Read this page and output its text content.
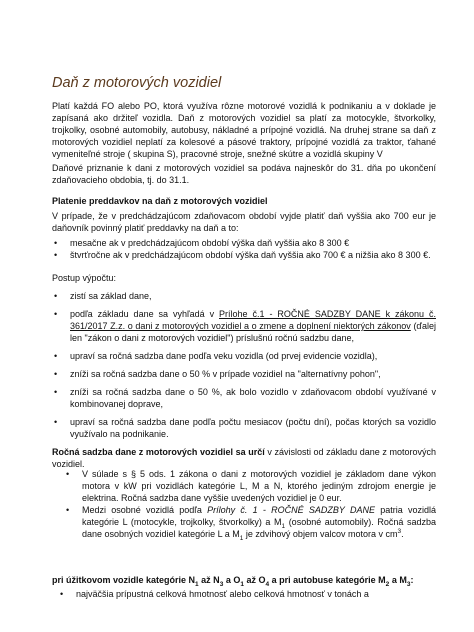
Daň z motorových vozidiel

Platí každá FO alebo PO, ktorá využíva rôzne motorové vozidlá k podnikaniu a v doklade je zapísaná ako držiteľ vozidla. Daň z motorových vozidiel sa platí za motocykle, štvorkolky, trojkolky, osobné automobily, autobusy, nákladné a prípojné vozidlá. Na druhej strane sa daň z motorových vozidiel neplatí za kolesové a pásové traktory, prípojné vozidlá za traktor, ťahané vymeniteľné stroje ( skupina S), pracovné stroje, snežné skútre a vozidlá skupiny V

Daňové priznanie k dani z motorových vozidiel sa podáva najneskôr do 31. dňa po ukončení zdaňovacieho obdobia, tj. do 31.1.

Platenie preddavkov na daň z motorových vozidiel

V prípade, že v predchádzajúcom zdaňovacom období vyjde platiť daň vyššia ako 700 eur je daňovník povinný platiť preddavky na daň a to:

• mesačne ak v predchádzajúcom období výška daň vyššia ako 8 300 €
• štvrťročne ak v predchádzajúcom období výška daň vyššia ako 700 € a nižšia ako 8 300 €.

Postup výpočtu:

• zistí sa základ dane,
• podľa základu dane sa vyhľadá v Prílohe č.1 - ROČNÉ SADZBY DANE k zákonu č. 361/2017 Z.z. o dani z motorových vozidiel a o zmene a doplnení niektorých zákonov (ďalej len "zákon o dani z motorových vozidiel") príslušnú ročnú sadzbu dane,
• upraví sa ročná sadzba dane podľa veku vozidla (od prvej evidencie vozidla),
• zníži sa ročná sadzba dane o 50 % v prípade vozidiel na "alternatívny pohon",
• zníži sa ročná sadzba dane o 50 %, ak bolo vozidlo v zdaňovacom období využívané v kombinovanej doprave,
• upraví sa ročná sadzba dane podľa počtu mesiacov (počtu dní), počas ktorých sa vozidlo využívalo na podnikanie.

Ročná sadzba dane z motorových vozidiel sa určí v závislosti od základu dane z motorových vozidiel.

• V súlade s § 5 ods. 1 zákona o dani z motorových vozidiel je základom dane výkon motora v kW pri vozidlách kategórie L, M a N, ktorého jediným zdrojom energie je elektrina. Ročná sadzba dane vyššie uvedených vozidiel je 0 eur.
• Medzi osobné vozidlá podľa Prílohy č. 1 - ROČNÉ SADZBY DANE patria vozidlá kategórie L (motocykle, trojkolky, štvorkolky) a $M_1$ (osobné automobily). Ročná sadzba dane osobných vozidiel kategórie L a $M_1$ je zdvihový objem valcov motora v $cm^3$.

pri úžitkovom vozidle kategórie $N_1$ až $N_3$ a $O_1$ až $O_4$ a pri autobuse kategórie $M_2$ a $M_3$:

• najväčšia prípustná celková hmotnosť alebo celková hmotnosť v tonách a
